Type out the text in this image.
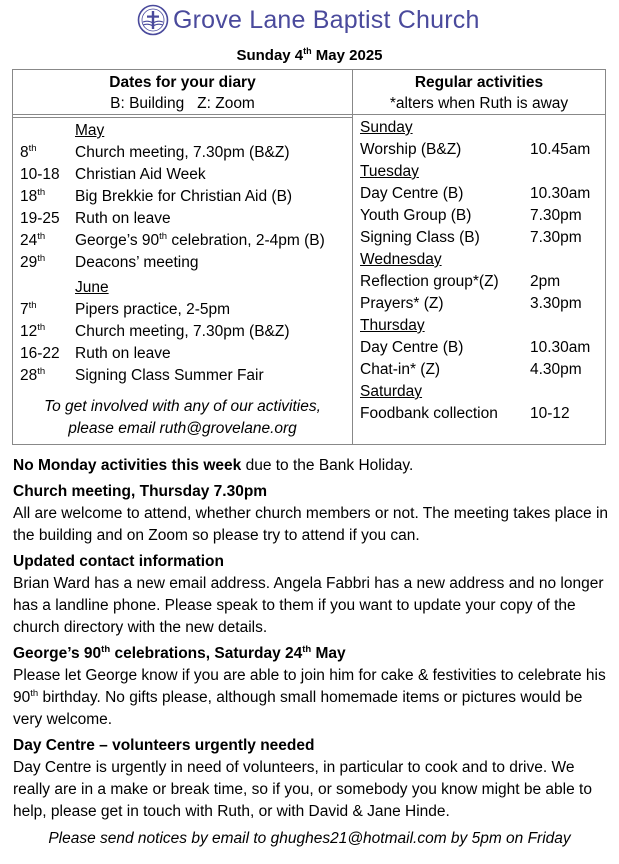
Grove Lane Baptist Church
Sunday 4th May 2025
Dates for your diary
B: Building   Z: Zoom
Regular activities
*alters when Ruth is away
May
8th Church meeting, 7.30pm (B&Z)
10-18 Christian Aid Week
18th Big Brekkie for Christian Aid (B)
19-25 Ruth on leave
24th George’s 90th celebration, 2-4pm (B)
29th Deacons’ meeting
June
7th Pipers practice, 2-5pm
12th Church meeting, 7.30pm (B&Z)
16-22 Ruth on leave
28th Signing Class Summer Fair
To get involved with any of our activities,
please email ruth@grovelane.org
Sunday
Worship (B&Z)	10.45am
Tuesday
Day Centre (B)	10.30am
Youth Group (B)	7.30pm
Signing Class (B)	7.30pm
Wednesday
Reflection group*(Z) 2pm
Prayers* (Z)	3.30pm
Thursday
Day Centre (B)	10.30am
Chat-in* (Z)	4.30pm
Saturday
Foodbank collection 10-12

No Monday activities this week due to the Bank Holiday.

Church meeting, Thursday 7.30pm

All are welcome to attend, whether church members or not. The meeting takes place in the building and on Zoom so please try to attend if you can.

Updated contact information

Brian Ward has a new email address. Angela Fabbri has a new address and no longer has a landline phone. Please speak to them if you want to update your copy of the church directory with the new details.

George’s 90th celebrations, Saturday 24th May

Please let George know if you are able to join him for cake & festivities to celebrate his 90th birthday. No gifts please, although small homemade items or pictures would be very welcome.

Day Centre – volunteers urgently needed

Day Centre is urgently in need of volunteers, in particular to cook and to drive. We really are in a make or break time, so if you, or somebody you know might be able to help, please get in touch with Ruth, or with David & Jane Hinde.

Please send notices by email to ghughes21@hotmail.com by 5pm on Friday
